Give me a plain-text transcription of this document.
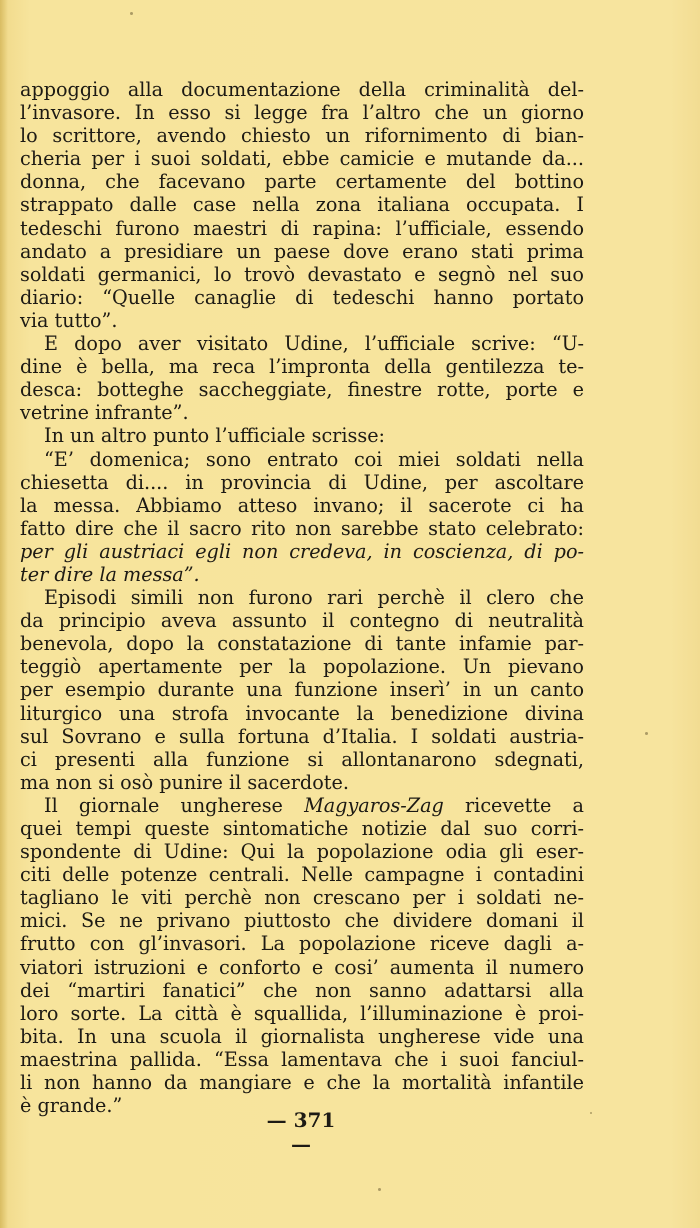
appoggio alla documentazione della criminalità del-
l’invasore. In esso si legge fra l’altro che un giorno
lo scrittore, avendo chiesto un rifornimento di bian-
cheria per i suoi soldati, ebbe camicie e mutande da...
donna, che facevano parte certamente del bottino
strappato dalle case nella zona italiana occupata. I
tedeschi furono maestri di rapina: l’ufficiale, essendo
andato a presidiare un paese dove erano stati prima
soldati germanici, lo trovò devastato e segnò nel suo
diario: “Quelle canaglie di tedeschi hanno portato
via tutto”.
E dopo aver visitato Udine, l’ufficiale scrive: “U-
dine è bella, ma reca l’impronta della gentilezza te-
desca: botteghe saccheggiate, finestre rotte, porte e
vetrine infrante”.
In un altro punto l’ufficiale scrisse:
“E’ domenica; sono entrato coi miei soldati nella
chiesetta di.... in provincia di Udine, per ascoltare
la messa. Abbiamo atteso invano; il sacerote ci ha
fatto dire che il sacro rito non sarebbe stato celebrato:
per gli austriaci egli non credeva, in coscienza, di po-
ter dire la messa”.
Episodi simili non furono rari perchè il clero che
da principio aveva assunto il contegno di neutralità
benevola, dopo la constatazione di tante infamie par-
teggiò apertamente per la popolazione. Un pievano
per esempio durante una funzione inserì’ in un canto
liturgico una strofa invocante la benedizione divina
sul Sovrano e sulla fortuna d’Italia. I soldati austria-
ci presenti alla funzione si allontanarono sdegnati,
ma non si osò punire il sacerdote.
Il giornale ungherese Magyaros-Zag ricevette a
quei tempi queste sintomatiche notizie dal suo corri-
spondente di Udine: Qui la popolazione odia gli eser-
citi delle potenze centrali. Nelle campagne i contadini
tagliano le viti perchè non crescano per i soldati ne-
mici. Se ne privano piuttosto che dividere domani il
frutto con gl’invasori. La popolazione riceve dagli a-
viatori istruzioni e conforto e cosi’ aumenta il numero
dei “martiri fanatici” che non sanno adattarsi alla
loro sorte. La città è squallida, l’illuminazione è proi-
bita. In una scuola il giornalista ungherese vide una
maestrina pallida. “Essa lamentava che i suoi fanciul-
li non hanno da mangiare e che la mortalità infantile
è grande.”

— 371 —
